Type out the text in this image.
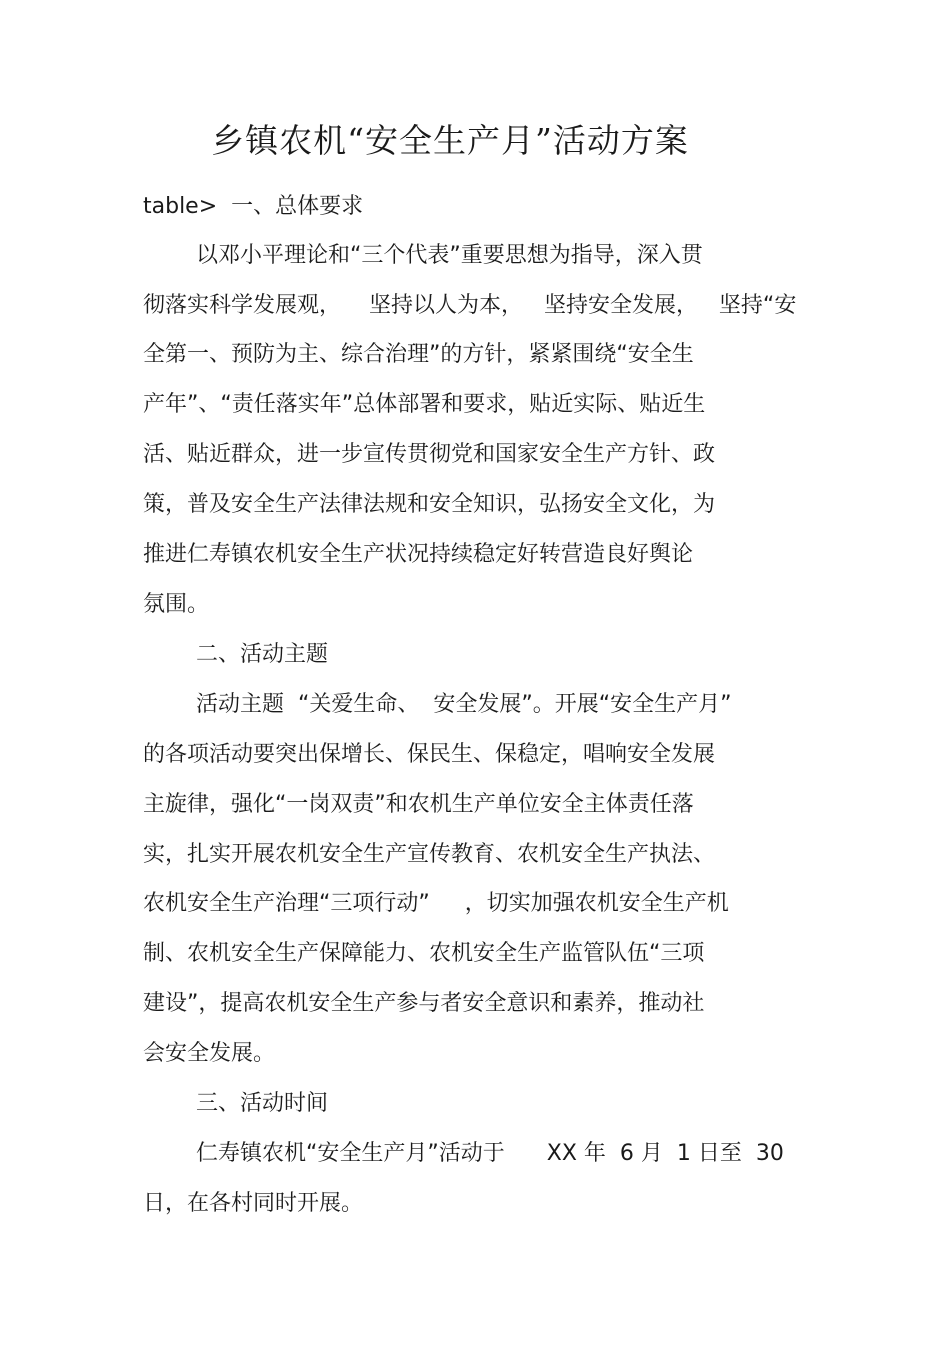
乡镇农机“安全生产月”活动方案
table>  一、总体要求
以邓小平理论和“三个代表”重要思想为指导，深入贯
彻落实科学发展观，    坚持以人为本，   坚持安全发展，   坚持“安
全第一、预防为主、综合治理”的方针，紧紧围绕“安全生
产年”、“责任落实年”总体部署和要求，贴近实际、贴近生
活、贴近群众，进一步宣传贯彻党和国家安全生产方针、政
策，普及安全生产法律法规和安全知识，弘扬安全文化，为
推进仁寿镇农机安全生产状况持续稳定好转营造良好舆论
氛围。
二、活动主题
活动主题  “关爱生命、  安全发展”。开展“安全生产月”
的各项活动要突出保增长、保民生、保稳定，唱响安全发展
主旋律，强化“一岗双责”和农机生产单位安全主体责任落
实，扎实开展农机安全生产宣传教育、农机安全生产执法、
农机安全生产治理“三项行动”     ，切实加强农机安全生产机
制、农机安全生产保障能力、农机安全生产监管队伍“三项
建设”，提高农机安全生产参与者安全意识和素养，推动社
会安全发展。
三、活动时间
仁寿镇农机“安全生产月”活动于      XX 年  6 月  1 日至  30
日，在各村同时开展。
